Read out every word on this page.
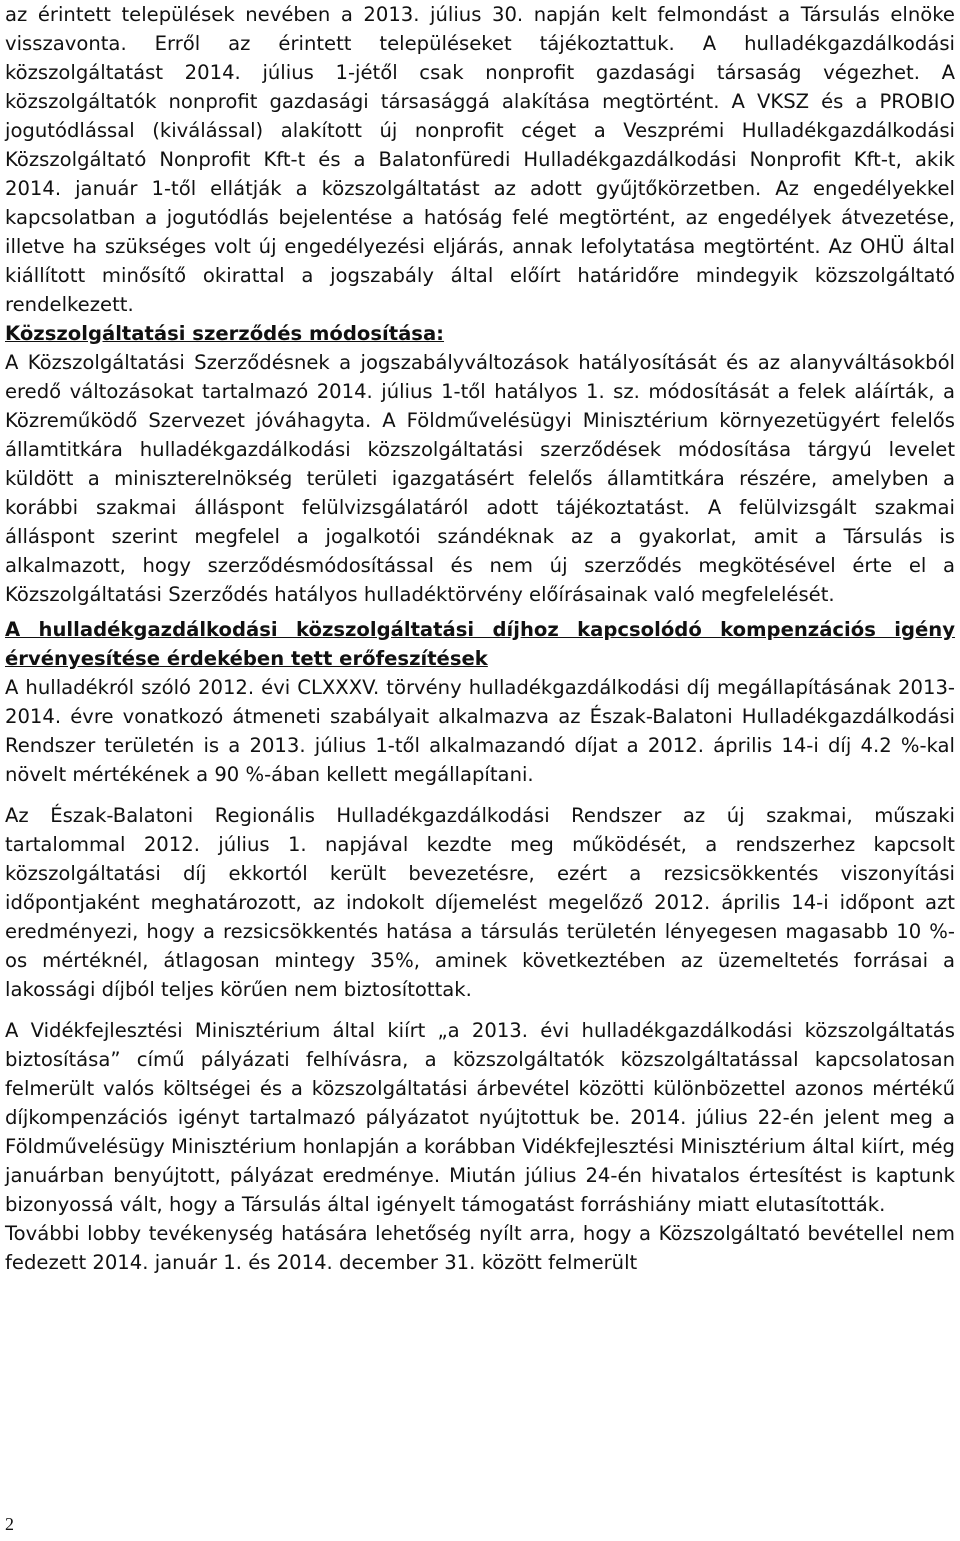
az érintett települések nevében a 2013. július 30. napján kelt felmondást a Társulás elnöke visszavonta. Erről az érintett településeket tájékoztattuk. A hulladékgazdálkodási közszolgáltatást 2014. július 1-jétől csak nonprofit gazdasági társaság végezhet. A közszolgáltatók nonprofit gazdasági társasággá alakítása megtörtént. A VKSZ és a PROBIO jogutódlással (kiválással) alakított új nonprofit céget a Veszprémi Hulladékgazdálkodási Közszolgáltató Nonprofit Kft-t és a Balatonfüredi Hulladékgazdálkodási Nonprofit Kft-t, akik 2014. január 1-től ellátják a közszolgáltatást az adott gyűjtőkörzetben. Az engedélyekkel kapcsolatban a jogutódlás bejelentése a hatóság felé megtörtént, az engedélyek átvezetése, illetve ha szükséges volt új engedélyezési eljárás, annak lefolytatása megtörtént. Az OHÜ által kiállított minősítő okirattal a jogszabály által előírt határidőre mindegyik közszolgáltató rendelkezett.

Közszolgáltatási szerződés módosítása:

A Közszolgáltatási Szerződésnek a jogszabályváltozások hatályosítását és az alanyváltásokból eredő változásokat tartalmazó 2014. július 1-től hatályos 1. sz. módosítását a felek aláírták, a Közreműködő Szervezet jóváhagyta. A Földművelésügyi Minisztérium környezetügyért felelős államtitkára hulladékgazdálkodási közszolgáltatási szerződések módosítása tárgyú levelet küldött a miniszterelnökség területi igazgatásért felelős államtitkára részére, amelyben a korábbi szakmai álláspont felülvizsgálatáról adott tájékoztatást. A felülvizsgált szakmai álláspont szerint megfelel a jogalkotói szándéknak az a gyakorlat, amit a Társulás is alkalmazott, hogy szerződésmódosítással és nem új szerződés megkötésével érte el a Közszolgáltatási Szerződés hatályos hulladéktörvény előírásainak való megfelelését.

A hulladékgazdálkodási közszolgáltatási díjhoz kapcsolódó kompenzációs igény érvényesítése érdekében tett erőfeszítések

A hulladékról szóló 2012. évi CLXXXV. törvény hulladékgazdálkodási díj megállapításának 2013-2014. évre vonatkozó átmeneti szabályait alkalmazva az Észak-Balatoni Hulladékgazdálkodási Rendszer területén is a 2013. július 1-től alkalmazandó díjat a 2012. április 14-i díj 4.2 %-kal növelt mértékének a 90 %-ában kellett megállapítani.

Az Észak-Balatoni Regionális Hulladékgazdálkodási Rendszer az új szakmai, műszaki tartalommal 2012. július 1. napjával kezdte meg működését, a rendszerhez kapcsolt közszolgáltatási díj ekkortól került bevezetésre, ezért a rezsicsökkentés viszonyítási időpontjaként meghatározott, az indokolt díjemelést megelőző 2012. április 14-i időpont azt eredményezi, hogy a rezsicsökkentés hatása a társulás területén lényegesen magasabb 10 %-os mértéknél, átlagosan mintegy 35%, aminek következtében az üzemeltetés forrásai a lakossági díjból teljes körűen nem biztosítottak.

A Vidékfejlesztési Minisztérium által kiírt „a 2013. évi hulladékgazdálkodási közszolgáltatás biztosítása” című pályázati felhívásra, a közszolgáltatók közszolgáltatással kapcsolatosan felmerült valós költségei és a közszolgáltatási árbevétel közötti különbözettel azonos mértékű díjkompenzációs igényt tartalmazó pályázatot nyújtottuk be. 2014. július 22-én jelent meg a Földművelésügy Minisztérium honlapján a korábban Vidékfejlesztési Minisztérium által kiírt, még januárban benyújtott, pályázat eredménye. Miután július 24-én hivatalos értesítést is kaptunk bizonyossá vált, hogy a Társulás által igényelt támogatást forráshiány miatt elutasították.

További lobby tevékenység hatására lehetőség nyílt arra, hogy a Közszolgáltató bevétellel nem fedezett 2014. január 1. és 2014. december 31. között felmerült

2
